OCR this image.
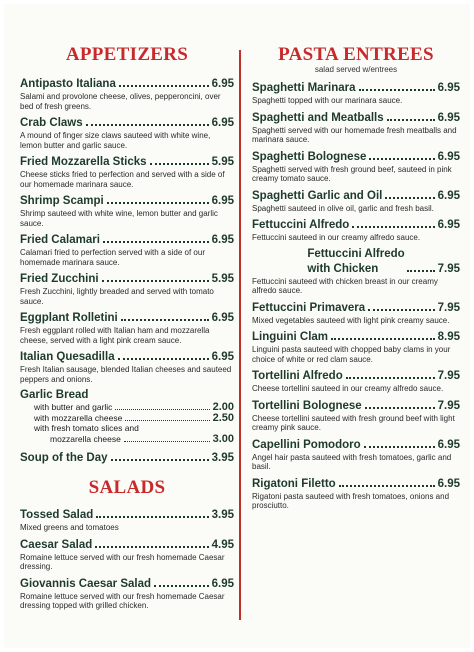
APPETIZERS
Antipasto Italiana	6.95
Salami and provolone cheese, olives, pepperoncini, over bed of fresh greens.
Crab Claws	6.95
A mound of finger size claws sauteed with white wine, lemon butter and garlic sauce.
Fried Mozzarella Sticks	5.95
Cheese sticks fried to perfection and served with a side of our homemade marinara sauce.
Shrimp Scampi	6.95
Shrimp sauteed with white wine, lemon butter and garlic sauce.
Fried Calamari	6.95
Calamari fried to perfection served with a side of our homemade marinara sauce.
Fried Zucchini	5.95
Fresh Zucchini, lightly breaded and served with tomato sauce.
Eggplant Rolletini	6.95
Fresh eggplant rolled with Italian ham and mozzarella cheese, served with a light pink cream sauce.
Italian Quesadilla	6.95
Fresh Italian sausage, blended Italian cheeses and sauteed peppers and onions.
Garlic Bread
with butter and garlic	2.00
with mozzarella cheese	2.50
with fresh tomato slices and
mozzarella cheese	3.00
Soup of the Day	3.95
SALADS
Tossed Salad	3.95
Mixed greens and tomatoes
Caesar Salad	4.95
Romaine lettuce served with our fresh homemade Caesar dressing.
Giovannis Caesar Salad	6.95
Romaine lettuce served with our fresh homemade Caesar dressing topped with grilled chicken.
PASTA ENTREES
salad served w/entrees
Spaghetti Marinara	6.95
Spaghetti topped with our marinara sauce.
Spaghetti and Meatballs	6.95
Spaghetti served with our homemade fresh meatballs and marinara sauce.
Spaghetti Bolognese	6.95
Spaghetti served with fresh ground beef, sauteed in pink creamy tomato sauce.
Spaghetti Garlic and Oil	6.95
Spaghetti sauteed in olive oil, garlic and fresh basil.
Fettuccini Alfredo	6.95
Fettuccini sauteed in our creamy alfredo sauce.
Fettuccini Alfredo
with Chicken	7.95
Fettuccini sauteed with chicken breast in our creamy alfredo sauce.
Fettuccini Primavera	7.95
Mixed vegetables sauteed with light pink creamy sauce.
Linguini Clam	8.95
Linguini pasta sauteed with chopped baby clams in your choice of white or red clam sauce.
Tortellini Alfredo	7.95
Cheese tortellini sauteed in our creamy alfredo sauce.
Tortellini Bolognese	7.95
Cheese tortellini sauteed with fresh ground beef with light creamy pink sauce.
Capellini Pomodoro	6.95
Angel hair pasta sauteed with fresh tomatoes, garlic and basil.
Rigatoni Filetto	6.95
Rigatoni pasta sauteed with fresh tomatoes, onions and prosciutto.
